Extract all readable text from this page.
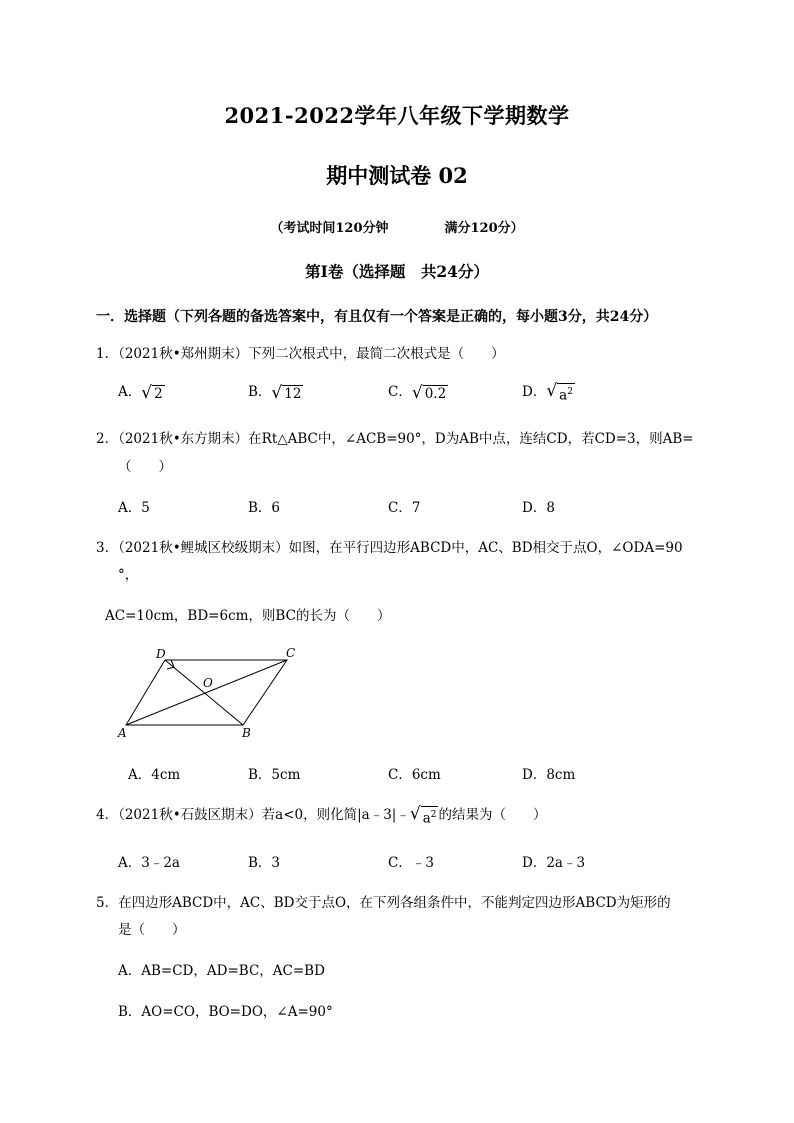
2021-2022学年八年级下学期数学
期中测试卷 02
（考试时间120分钟	满分120分）
第Ⅰ卷（选择题　共24分）
一．选择题（下列各题的备选答案中，有且仅有一个答案是正确的，每小题3分，共24分）
1．（2021秋•郑州期末）下列二次根式中，最简二次根式是（　　）
A． √ 2	B． √ 12	C． √ 0.2	D． √ $a^2$
2．（2021秋•东方期末）在Rt△ABC中，∠ACB=90°，D为AB中点，连结CD，若CD=3，则AB=
（　　）
A．5	B．6	C．7	D．8
3．（2021秋•鲤城区校级期末）如图，在平行四边形ABCD中，AC、BD相交于点O，∠ODA=90
°，
AC=10cm，BD=6cm，则BC的长为（　　）
D	C
O
A	B
A．4cm	B．5cm	C．6cm	D．8cm
4．（2021秋•石鼓区期末）若a<0，则化简|a﹣3|﹣ √ $a^2$ 的结果为（　　）
A．3﹣2a	B．3	C．﹣3	D．2a﹣3
5．在四边形ABCD中，AC、BD交于点O，在下列各组条件中，不能判定四边形ABCD为矩形的
是（　　）
A．AB=CD，AD=BC，AC=BD
B．AO=CO，BO=DO，∠A=90°
